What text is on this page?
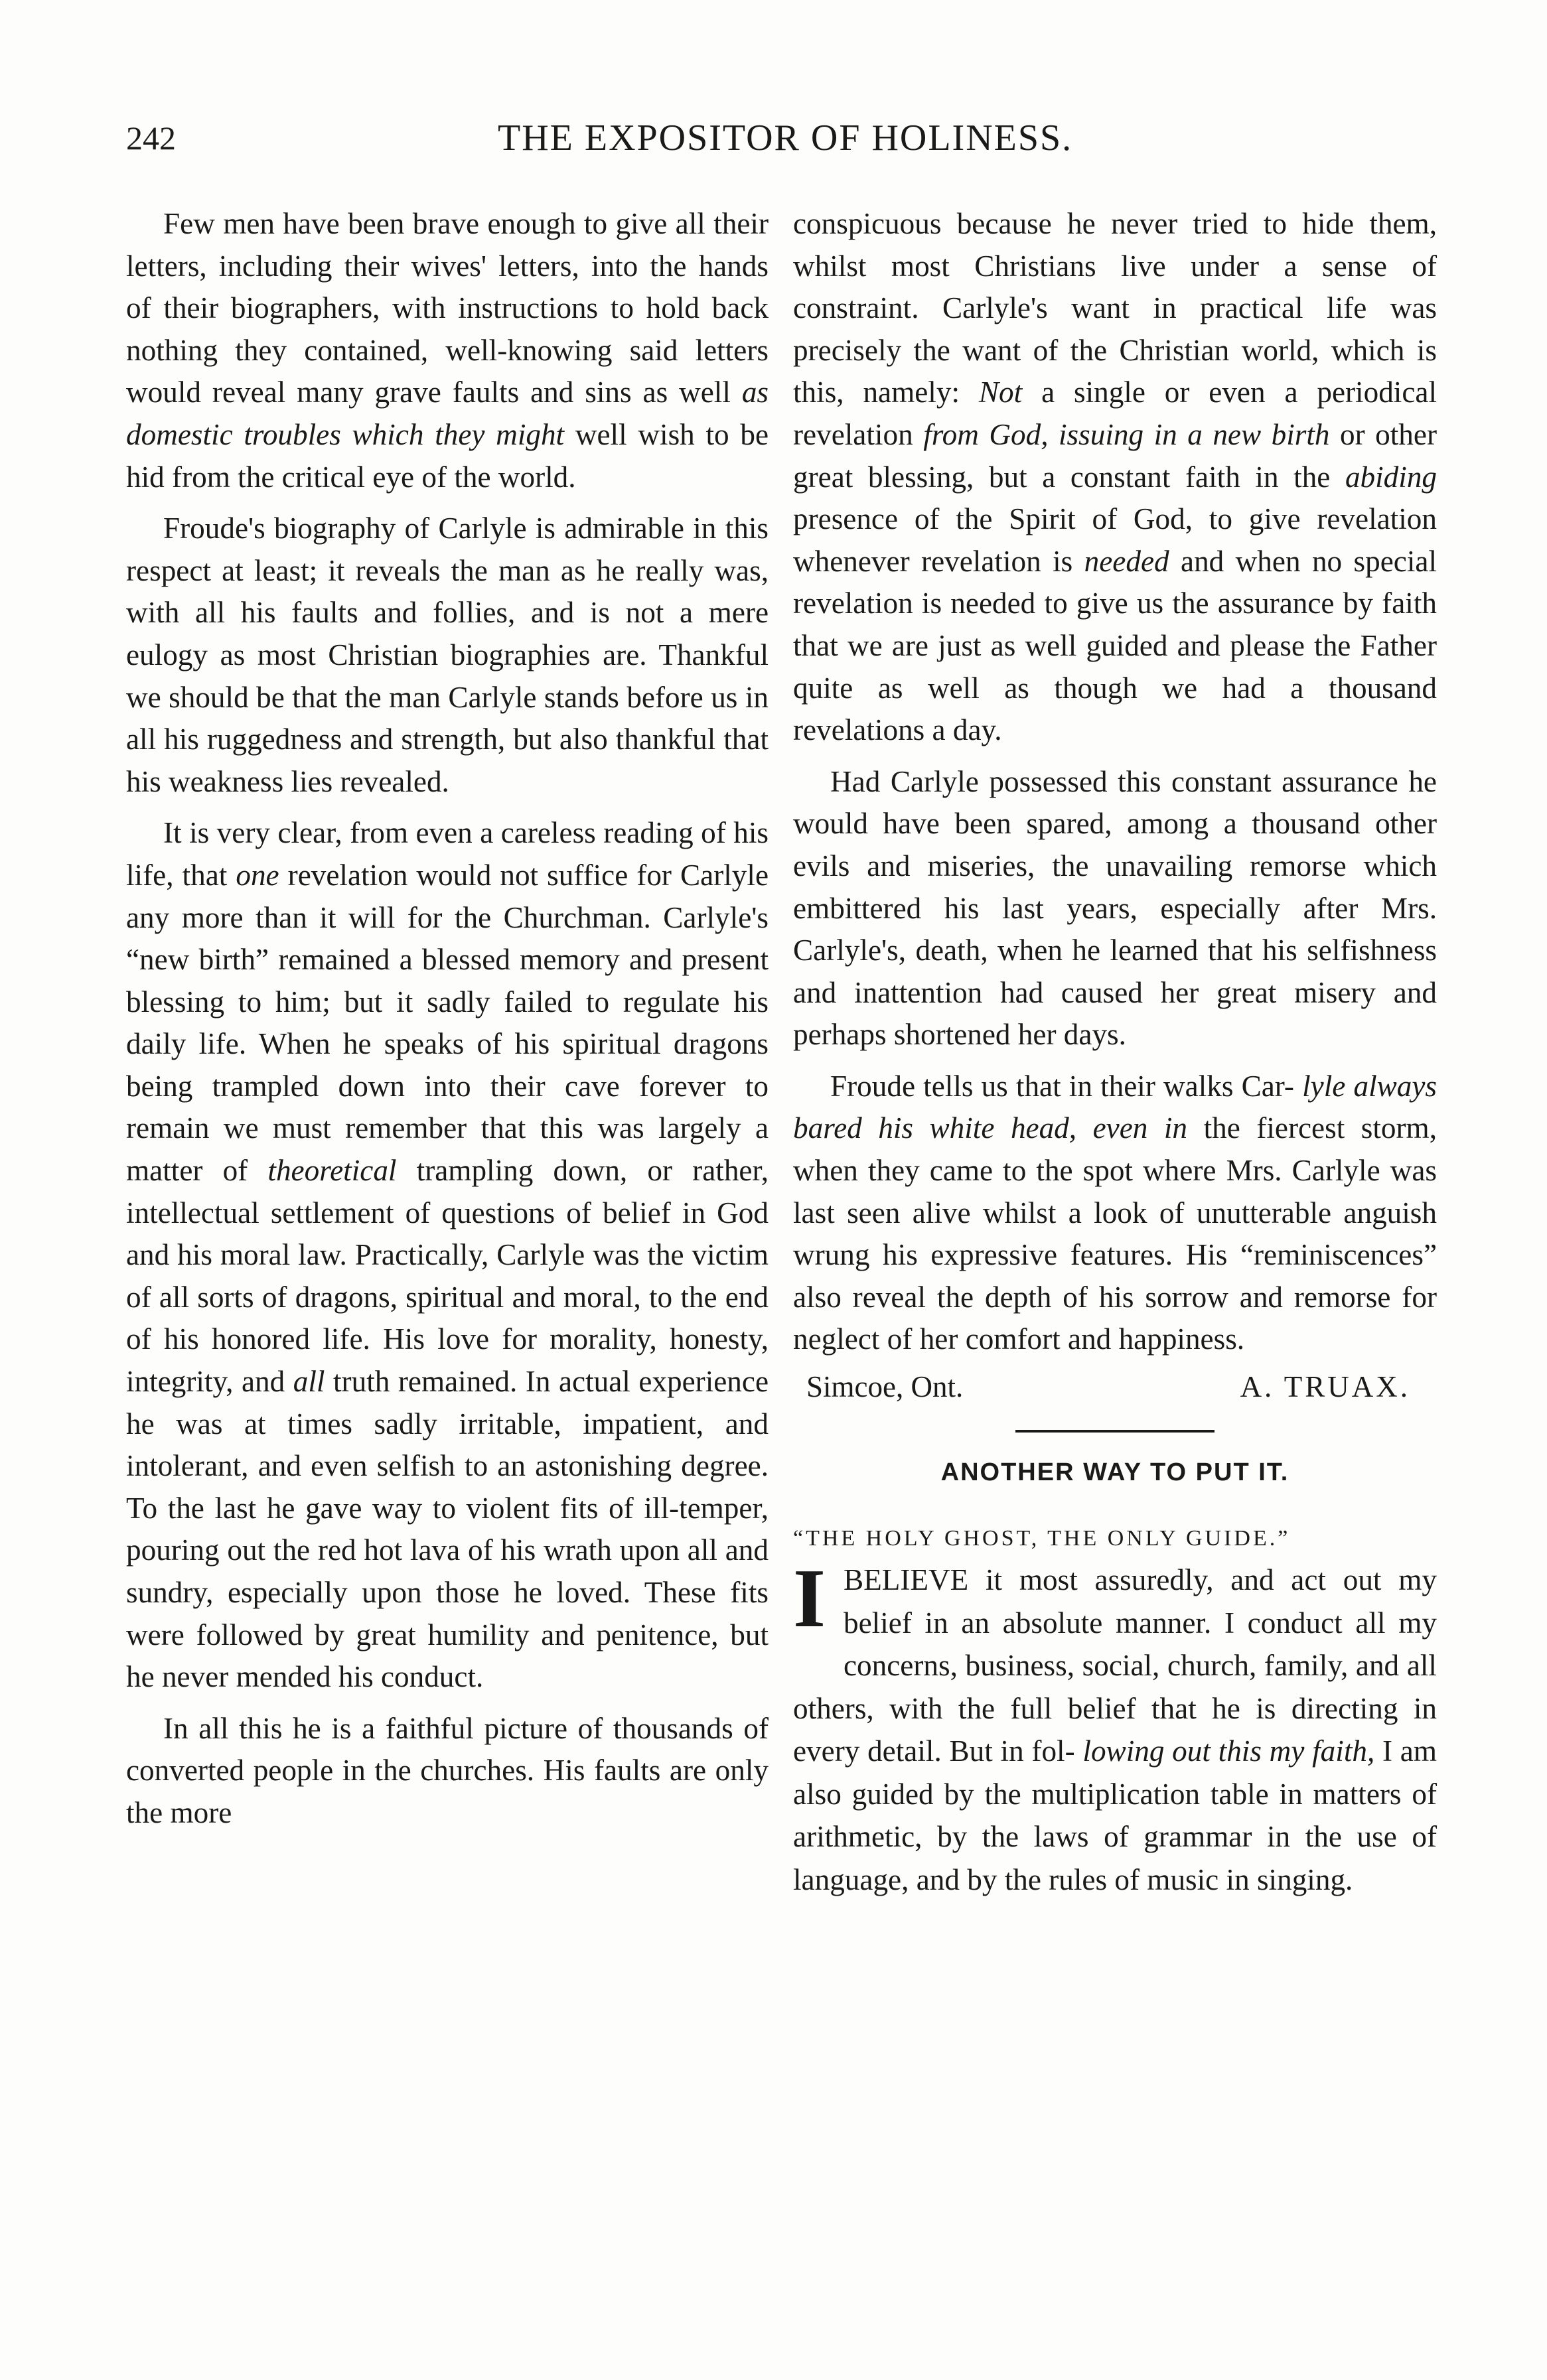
242	THE EXPOSITOR OF HOLINESS.

Few men have been brave enough to give all their letters, including their wives' letters, into the hands of their biographers, with instructions to hold back nothing they contained, well-knowing said letters would reveal many grave faults and sins as well as domestic troubles which they might well wish to be hid from the critical eye of the world.

Froude's biography of Carlyle is admirable in this respect at least; it reveals the man as he really was, with all his faults and follies, and is not a mere eulogy as most Christian biographies are. Thankful we should be that the man Carlyle stands before us in all his ruggedness and strength, but also thankful that his weakness lies revealed.

It is very clear, from even a careless reading of his life, that one revelation would not suffice for Carlyle any more than it will for the Churchman. Carlyle's “new birth” remained a blessed memory and present blessing to him; but it sadly failed to regulate his daily life. When he speaks of his spiritual dragons being trampled down into their cave forever to remain we must remember that this was largely a matter of theoretical trampling down, or rather, intellectual settlement of questions of belief in God and his moral law. Practically, Carlyle was the victim of all sorts of dragons, spiritual and moral, to the end of his honored life. His love for morality, honesty, integrity, and all truth remained. In actual experience he was at times sadly irritable, impatient, and intolerant, and even selfish to an astonishing degree. To the last he gave way to violent fits of ill-temper, pouring out the red hot lava of his wrath upon all and sundry, especially upon those he loved. These fits were followed by great humility and penitence, but he never mended his conduct.

In all this he is a faithful picture of thousands of converted people in the churches. His faults are only the more

conspicuous because he never tried to hide them, whilst most Christians live under a sense of constraint. Carlyle's want in practical life was precisely the want of the Christian world, which is this, namely: Not a single or even a periodical revelation from God, issuing in a new birth or other great blessing, but a constant faith in the abiding presence of the Spirit of God, to give revelation whenever revelation is needed and when no special revelation is needed to give us the assurance by faith that we are just as well guided and please the Father quite as well as though we had a thousand revelations a day.

Had Carlyle possessed this constant assurance he would have been spared, among a thousand other evils and miseries, the unavailing remorse which embittered his last years, especially after Mrs. Carlyle's, death, when he learned that his selfishness and inattention had caused her great misery and perhaps shortened her days.

Froude tells us that in their walks Car- lyle always bared his white head, even in the fiercest storm, when they came to the spot where Mrs. Carlyle was last seen alive whilst a look of unutterable anguish wrung his expressive features. His “reminiscences” also reveal the depth of his sorrow and remorse for neglect of her comfort and happiness.

Simcoe, Ont.	A. TRUAX.
ANOTHER WAY TO PUT IT.
“THE HOLY GHOST, THE ONLY GUIDE.”
I BELIEVE it most assuredly, and act out my belief in an absolute manner. I conduct all my concerns, business, social, church, family, and all others, with the full belief that he is directing in every detail. But in fol- lowing out this my faith, I am also guided by the multiplication table in matters of arithmetic, by the laws of grammar in the use of language, and by the rules of music in singing.
